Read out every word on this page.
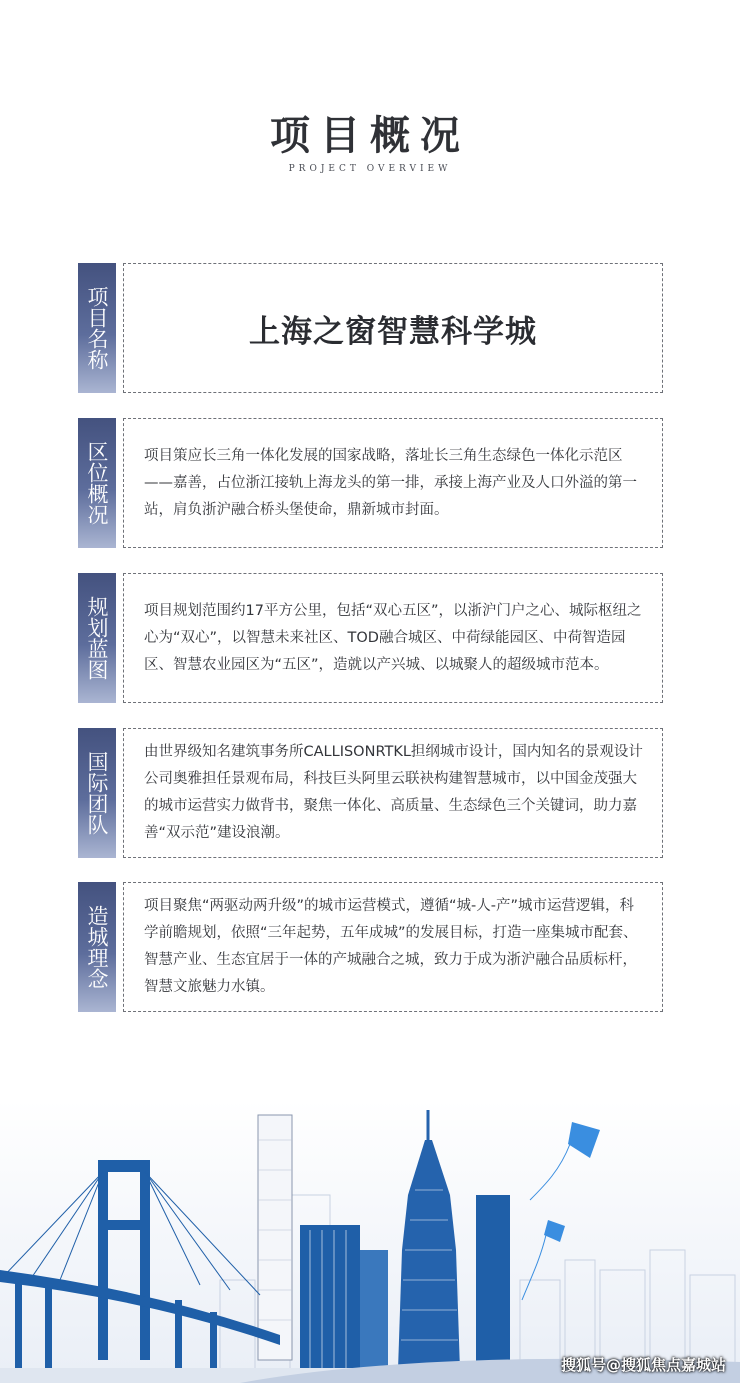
项目概况
PROJECT OVERVIEW
项目名称	上海之窗智慧科学城
区位概况	项目策应长三角一体化发展的国家战略，落址长三角生态绿色一体化示范区——嘉善，占位浙江接轨上海龙头的第一排，承接上海产业及人口外溢的第一站，肩负浙沪融合桥头堡使命，鼎新城市封面。
规划蓝图	项目规划范围约17平方公里，包括“双心五区”，以浙沪门户之心、城际枢纽之心为“双心”，以智慧未来社区、TOD融合城区、中荷绿能园区、中荷智造园区、智慧农业园区为“五区”，造就以产兴城、以城聚人的超级城市范本。
国际团队	由世界级知名建筑事务所CALLISONRTKL担纲城市设计，国内知名的景观设计公司奥雅担任景观布局，科技巨头阿里云联袂构建智慧城市，以中国金茂强大的城市运营实力做背书，聚焦一体化、高质量、生态绿色三个关键词，助力嘉善“双示范”建设浪潮。
造城理念	项目聚焦“两驱动两升级”的城市运营模式，遵循“城-人-产”城市运营逻辑，科学前瞻规划，依照“三年起势，五年成城”的发展目标，打造一座集城市配套、智慧产业、生态宜居于一体的产城融合之城，致力于成为浙沪融合品质标杆，智慧文旅魅力水镇。
搜狐号@搜狐焦点嘉城站
